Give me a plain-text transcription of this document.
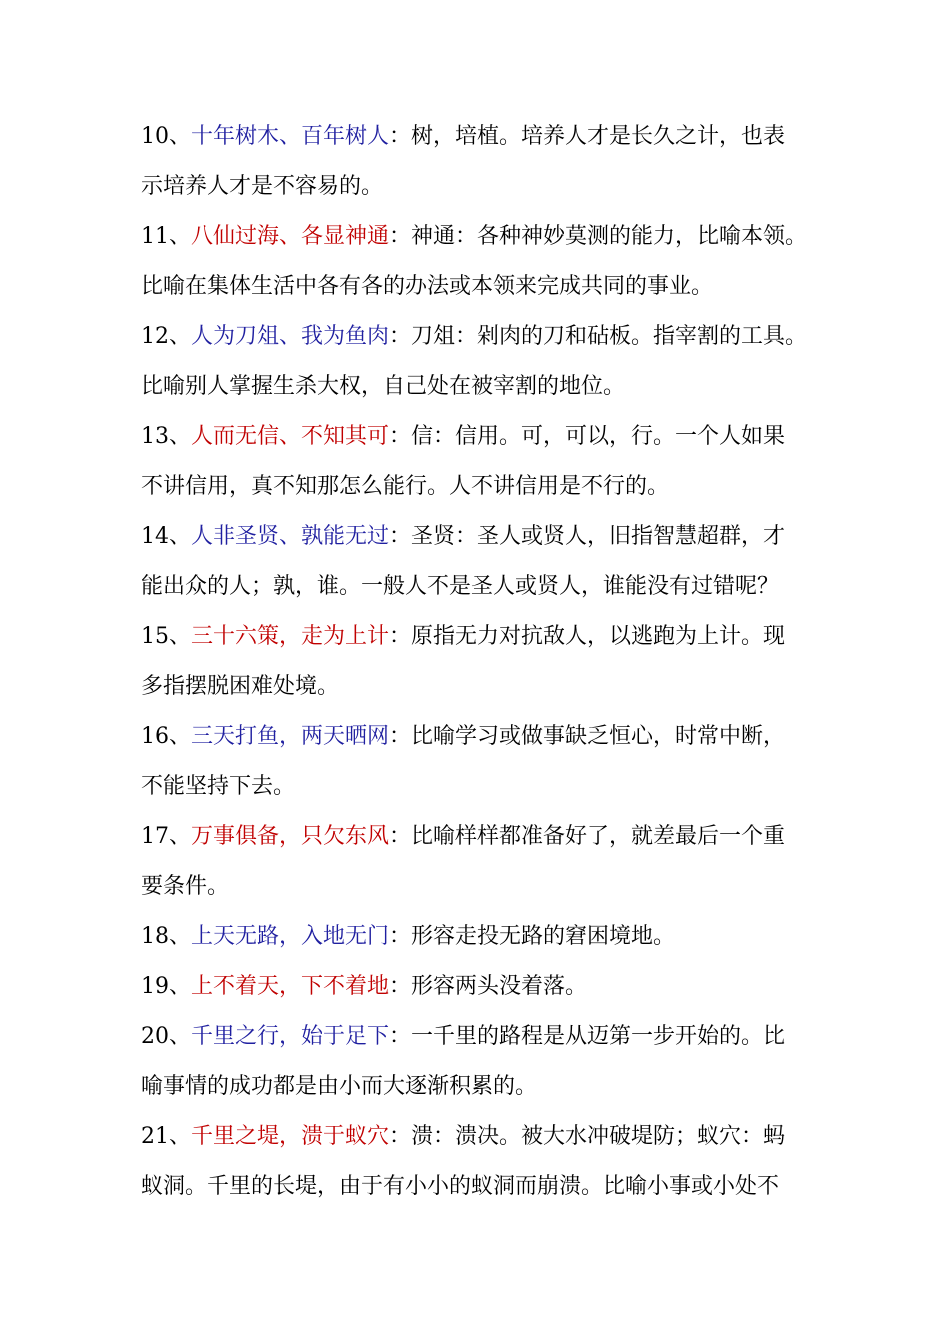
10、十年树木、百年树人：树，培植。培养人才是长久之计，也表
示培养人才是不容易的。
11、八仙过海、各显神通：神通：各种神妙莫测的能力，比喻本领。
比喻在集体生活中各有各的办法或本领来完成共同的事业。
12、人为刀俎、我为鱼肉：刀俎：剁肉的刀和砧板。指宰割的工具。
比喻别人掌握生杀大权，自己处在被宰割的地位。
13、人而无信、不知其可：信：信用。可，可以，行。一个人如果
不讲信用，真不知那怎么能行。人不讲信用是不行的。
14、人非圣贤、孰能无过：圣贤：圣人或贤人，旧指智慧超群，才
能出众的人；孰，谁。一般人不是圣人或贤人，谁能没有过错呢？
15、三十六策，走为上计：原指无力对抗敌人，以逃跑为上计。现
多指摆脱困难处境。
16、三天打鱼，两天晒网：比喻学习或做事缺乏恒心，时常中断，
不能坚持下去。
17、万事俱备，只欠东风：比喻样样都准备好了，就差最后一个重
要条件。
18、上天无路，入地无门：形容走投无路的窘困境地。
19、上不着天，下不着地：形容两头没着落。
20、千里之行，始于足下：一千里的路程是从迈第一步开始的。比
喻事情的成功都是由小而大逐渐积累的。
21、千里之堤，溃于蚁穴：溃：溃决。被大水冲破堤防；蚁穴：蚂
蚁洞。千里的长堤，由于有小小的蚁洞而崩溃。比喻小事或小处不
